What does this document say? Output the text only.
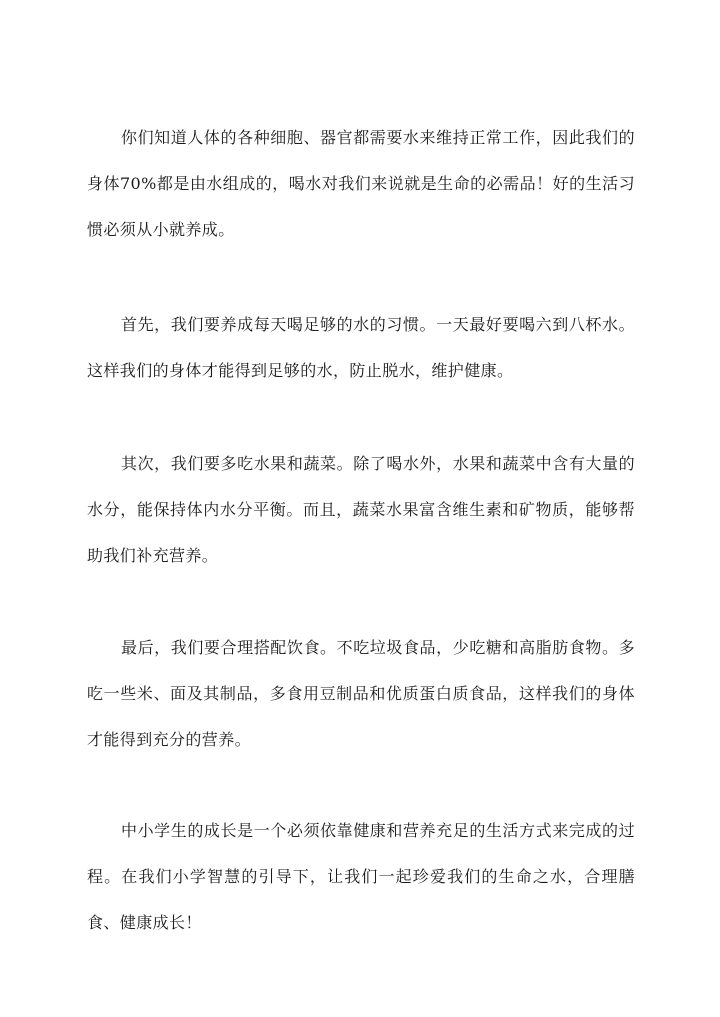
你们知道人体的各种细胞、器官都需要水来维持正常工作，因此我们的身体70%都是由水组成的，喝水对我们来说就是生命的必需品！好的生活习惯必须从小就养成。

首先，我们要养成每天喝足够的水的习惯。一天最好要喝六到八杯水。这样我们的身体才能得到足够的水，防止脱水，维护健康。

其次，我们要多吃水果和蔬菜。除了喝水外，水果和蔬菜中含有大量的水分，能保持体内水分平衡。而且，蔬菜水果富含维生素和矿物质，能够帮助我们补充营养。

最后，我们要合理搭配饮食。不吃垃圾食品，少吃糖和高脂肪食物。多吃一些米、面及其制品，多食用豆制品和优质蛋白质食品，这样我们的身体才能得到充分的营养。

中小学生的成长是一个必须依靠健康和营养充足的生活方式来完成的过程。在我们小学智慧的引导下，让我们一起珍爱我们的生命之水，合理膳食、健康成长！
